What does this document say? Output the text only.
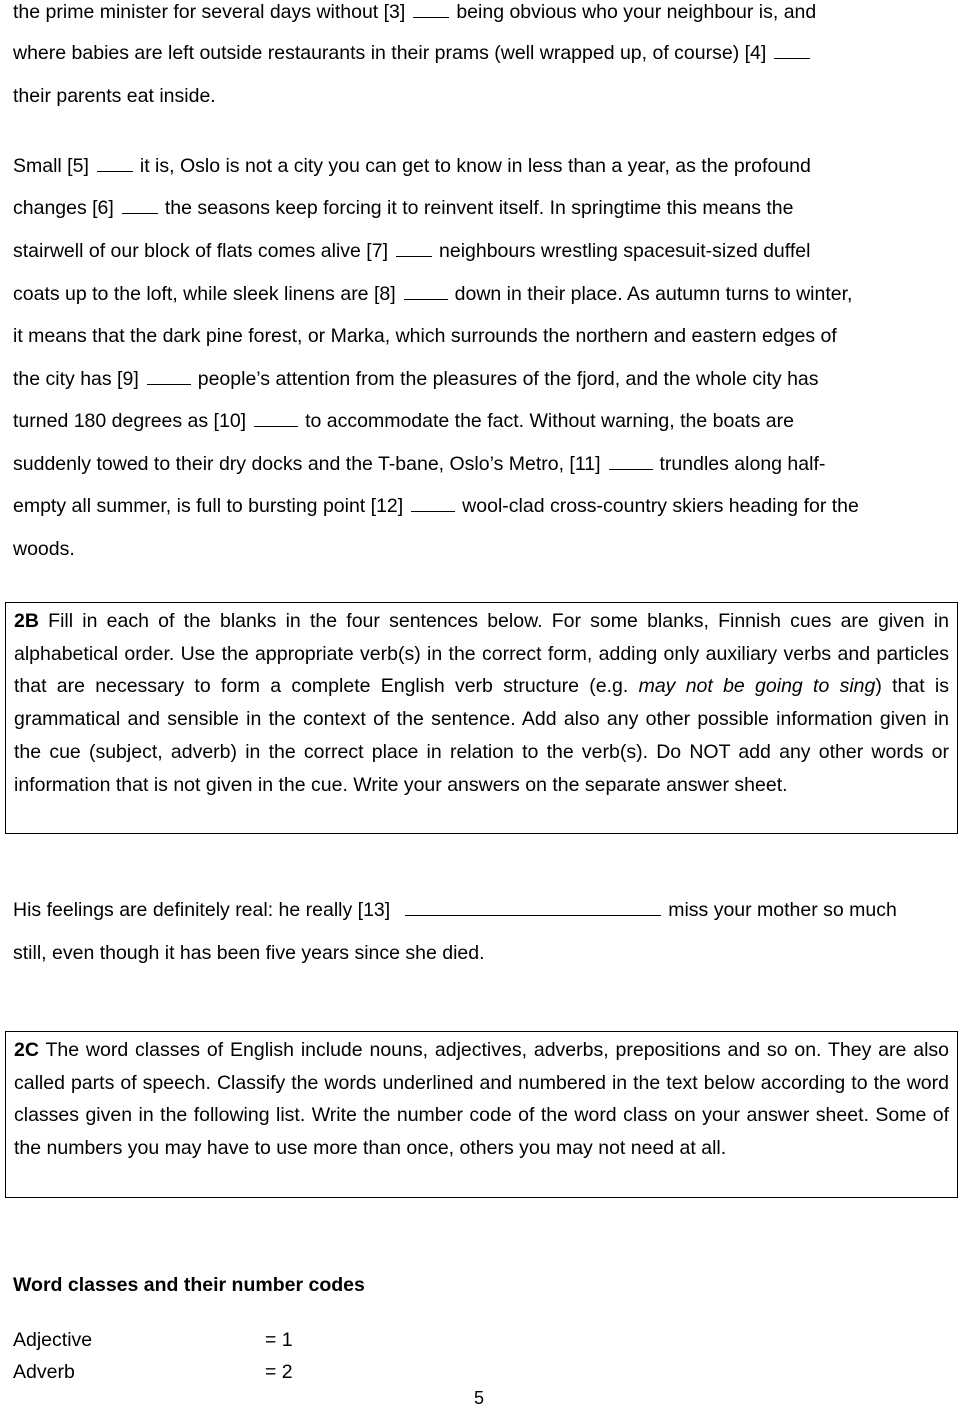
the prime minister for several days without [3]	being obvious who your neighbour is, and
where babies are left outside restaurants in their prams (well wrapped up, of course) [4]
their parents eat inside.
Small [5]	it is, Oslo is not a city you can get to know in less than a year, as the profound
changes [6]	the seasons keep forcing it to reinvent itself. In springtime this means the
stairwell of our block of flats comes alive [7]	neighbours wrestling spacesuit-sized duffel
coats up to the loft, while sleek linens are [8]	down in their place. As autumn turns to winter,
it means that the dark pine forest, or Marka, which surrounds the northern and eastern edges of
the city has [9]	people’s attention from the pleasures of the fjord, and the whole city has
turned 180 degrees as [10]	to accommodate the fact. Without warning, the boats are
suddenly towed to their dry docks and the T-bane, Oslo’s Metro, [11]	trundles along half-
empty all summer, is full to bursting point [12]	wool-clad cross-country skiers heading for the
woods.

2B Fill in each of the blanks in the four sentences below. For some blanks, Finnish cues are given in alphabetical order. Use the appropriate verb(s) in the correct form, adding only auxiliary verbs and particles that are necessary to form a complete English verb structure (e.g. may not be going to sing) that is grammatical and sensible in the context of the sentence. Add also any other possible information given in the cue (subject, adverb) in the correct place in relation to the verb(s). Do NOT add any other words or information that is not given in the cue. Write your answers on the separate answer sheet.

His feelings are definitely real: he really [13]	miss your mother so much
still, even though it has been five years since she died.

2C The word classes of English include nouns, adjectives, adverbs, prepositions and so on. They are also called parts of speech. Classify the words underlined and numbered in the text below according to the word classes given in the following list. Write the number code of the word class on your answer sheet. Some of the numbers you may have to use more than once, others you may not need at all.

Word classes and their number codes
Adjective	= 1
Adverb	= 2
5
